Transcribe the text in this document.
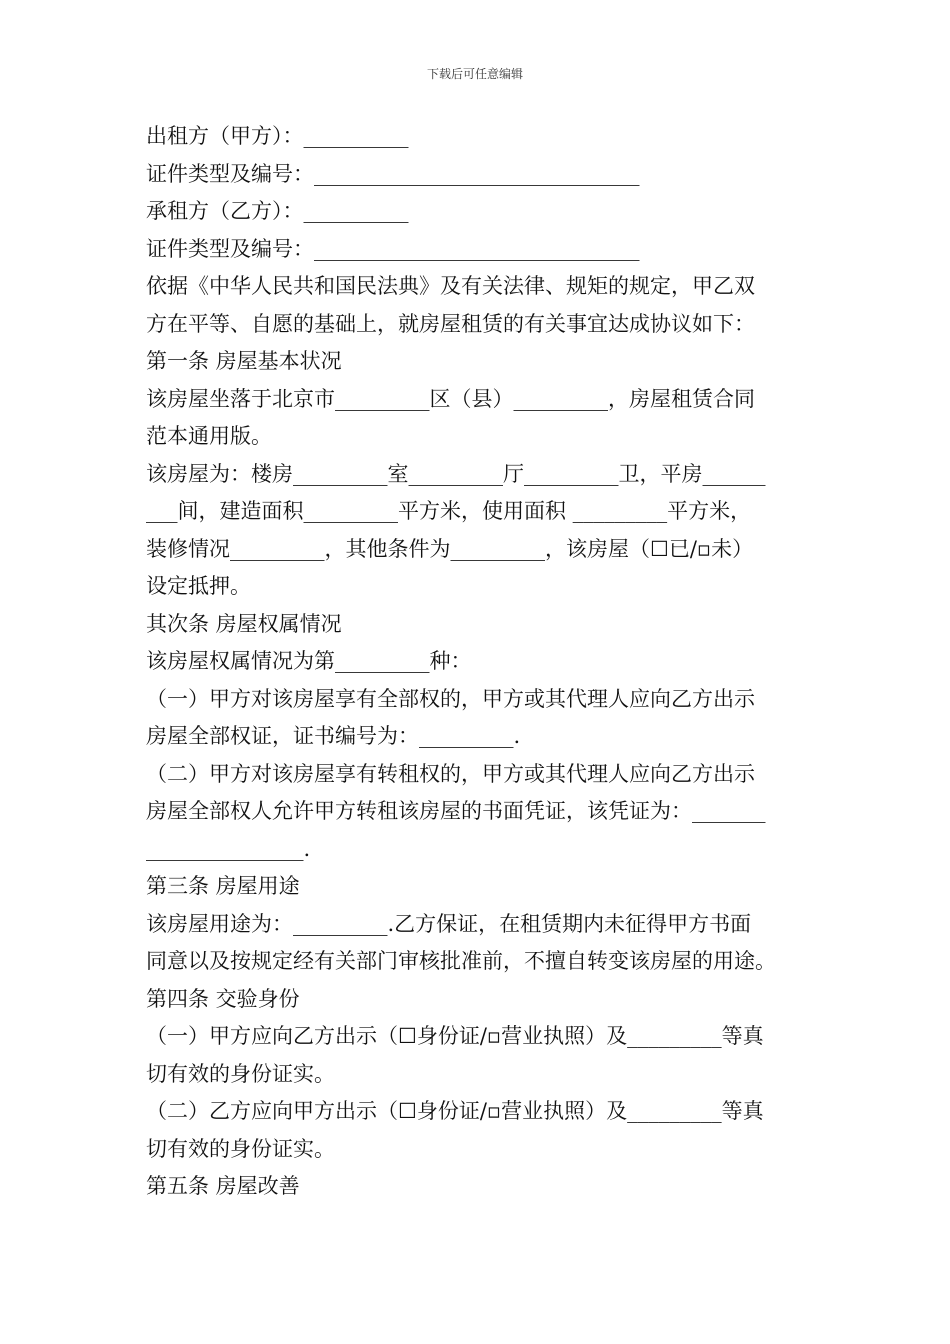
下载后可任意编辑
出租方（甲方）：__________
证件类型及编号：_______________________________
承租方（乙方）：__________
证件类型及编号：_______________________________
依据《中华人民共和国民法典》及有关法律、规矩的规定，甲乙双
方在平等、自愿的基础上，就房屋租赁的有关事宜达成协议如下：
第一条 房屋基本状况
该房屋坐落于北京市_________区（县）_________，房屋租赁合同
范本通用版。
该房屋为：楼房_________室_________厅_________卫，平房______
___间，建造面积_________平方米，使用面积 _________平方米，
装修情况_________，其他条件为_________，该房屋（☐已/▫未）
设定抵押。
其次条 房屋权属情况
该房屋权属情况为第_________种：
（一）甲方对该房屋享有全部权的，甲方或其代理人应向乙方出示
房屋全部权证，证书编号为：_________.
（二）甲方对该房屋享有转租权的，甲方或其代理人应向乙方出示
房屋全部权人允许甲方转租该房屋的书面凭证，该凭证为：_______
_______________.
第三条 房屋用途
该房屋用途为：_________.乙方保证，在租赁期内未征得甲方书面
同意以及按规定经有关部门审核批准前，不擅自转变该房屋的用途。
第四条 交验身份
（一）甲方应向乙方出示（☐身份证/▫营业执照）及_________等真
切有效的身份证实。
（二）乙方应向甲方出示（☐身份证/▫营业执照）及_________等真
切有效的身份证实。
第五条 房屋改善
